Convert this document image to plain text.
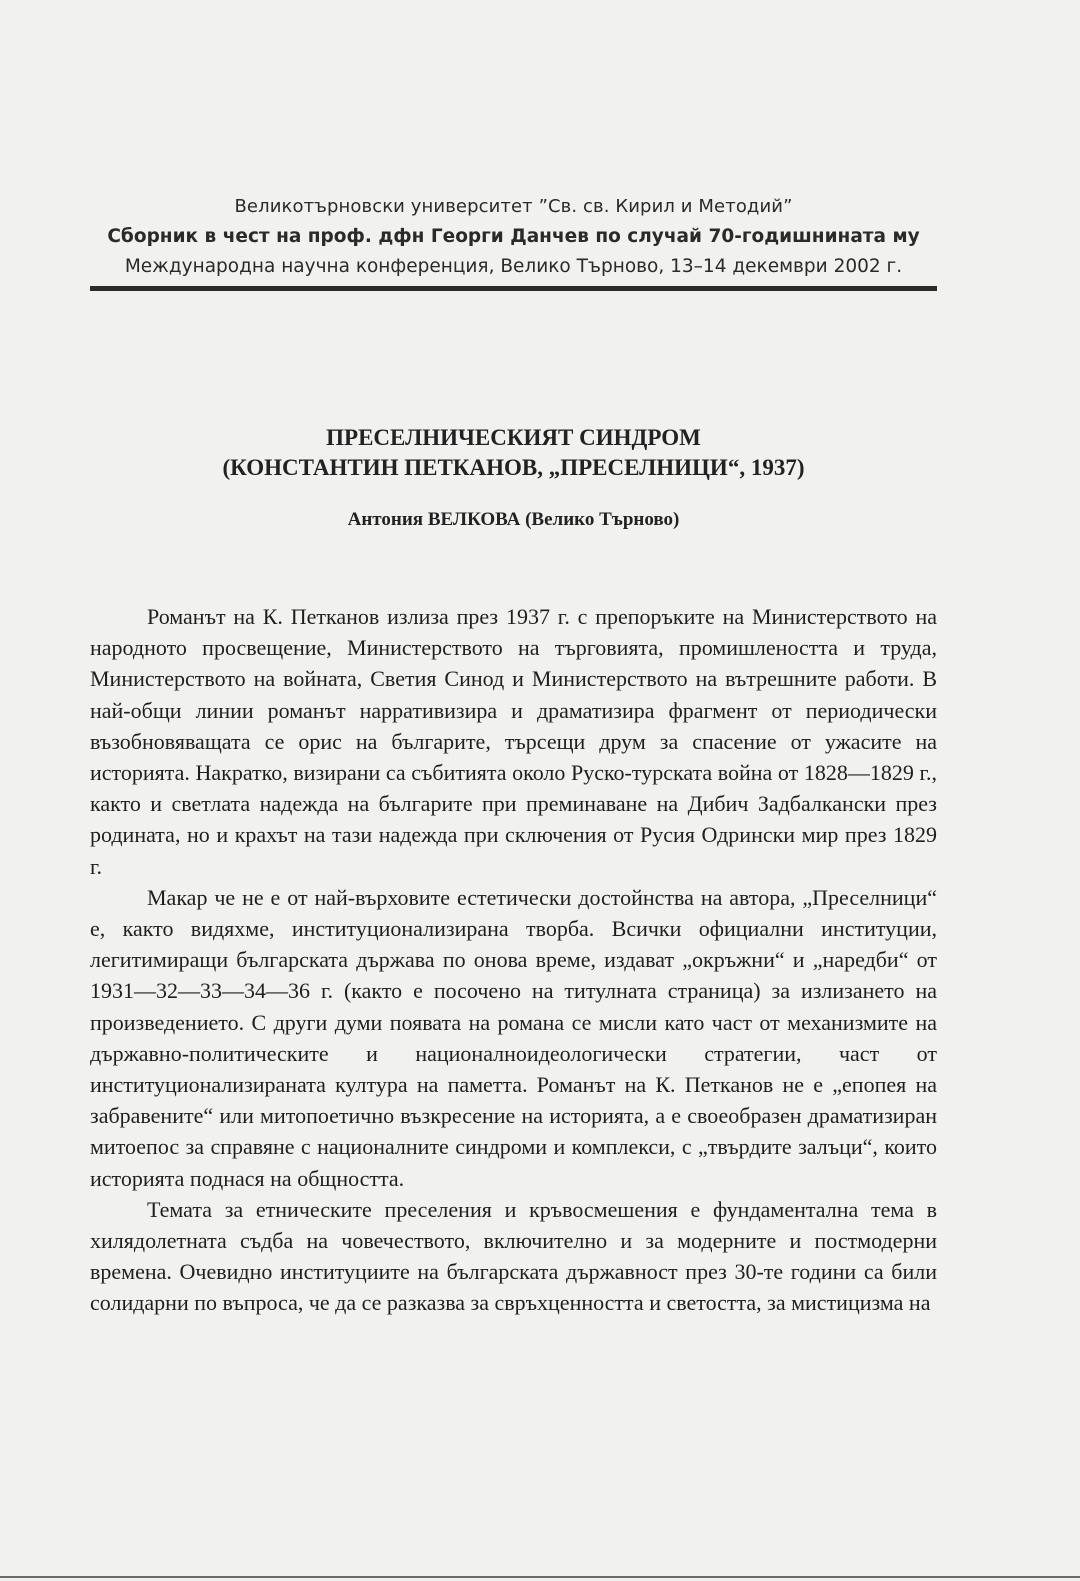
Великотърновски университет ”Св. св. Кирил и Методий”
Сборник в чест на проф. дфн Георги Данчев по случай 70-годишнината му
Международна научна конференция, Велико Търново, 13–14 декември 2002 г.
ПРЕСЕЛНИЧЕСКИЯТ СИНДРОМ
(КОНСТАНТИН ПЕТКАНОВ, „ПРЕСЕЛНИЦИ“, 1937)
Антония ВЕЛКОВА (Велико Търново)

Романът на К. Петканов излиза през 1937 г. с препоръките на Министерството на народното просвещение, Министерството на търговията, промишлеността и труда, Министерството на войната, Светия Синод и Министерството на вътрешните работи. В най-общи линии романът нарративизира и драматизира фрагмент от периодически възобновяващата се орис на българите, търсещи друм за спасение от ужасите на историята. Накратко, визирани са събитията около Руско-турската война от 1828—1829 г., както и светлата надежда на българите при преминаване на Дибич Задбалкански през родината, но и крахът на тази надежда при сключения от Русия Одрински мир през 1829 г.

Макар че не е от най-върховите естетически достойнства на автора, „Преселници“ е, както видяхме, институционализирана творба. Всички официални институции, легитимиращи българската държава по онова време, издават „окръжни“ и „наредби“ от 1931—32—33—34—36 г. (както е посочено на титулната страница) за излизането на произведението. С други думи появата на романа се мисли като част от механизмите на държавно-политическите и националноидеологически стратегии, част от институционализираната култура на паметта. Романът на К. Петканов не е „епопея на забравените“ или митопоетично възкресение на историята, а е своеобразен драматизиран митоепос за справяне с националните синдроми и комплекси, с „твърдите залъци“, които историята поднася на общността.

Темата за етническите преселения и кръвосмешения е фундаментална тема в хилядолетната съдба на човечеството, включително и за модерните и постмодерни времена. Очевидно институциите на българската държавност през 30-те години са били солидарни по въпроса, че да се разказва за свръхценността и светостта, за мистицизма на
